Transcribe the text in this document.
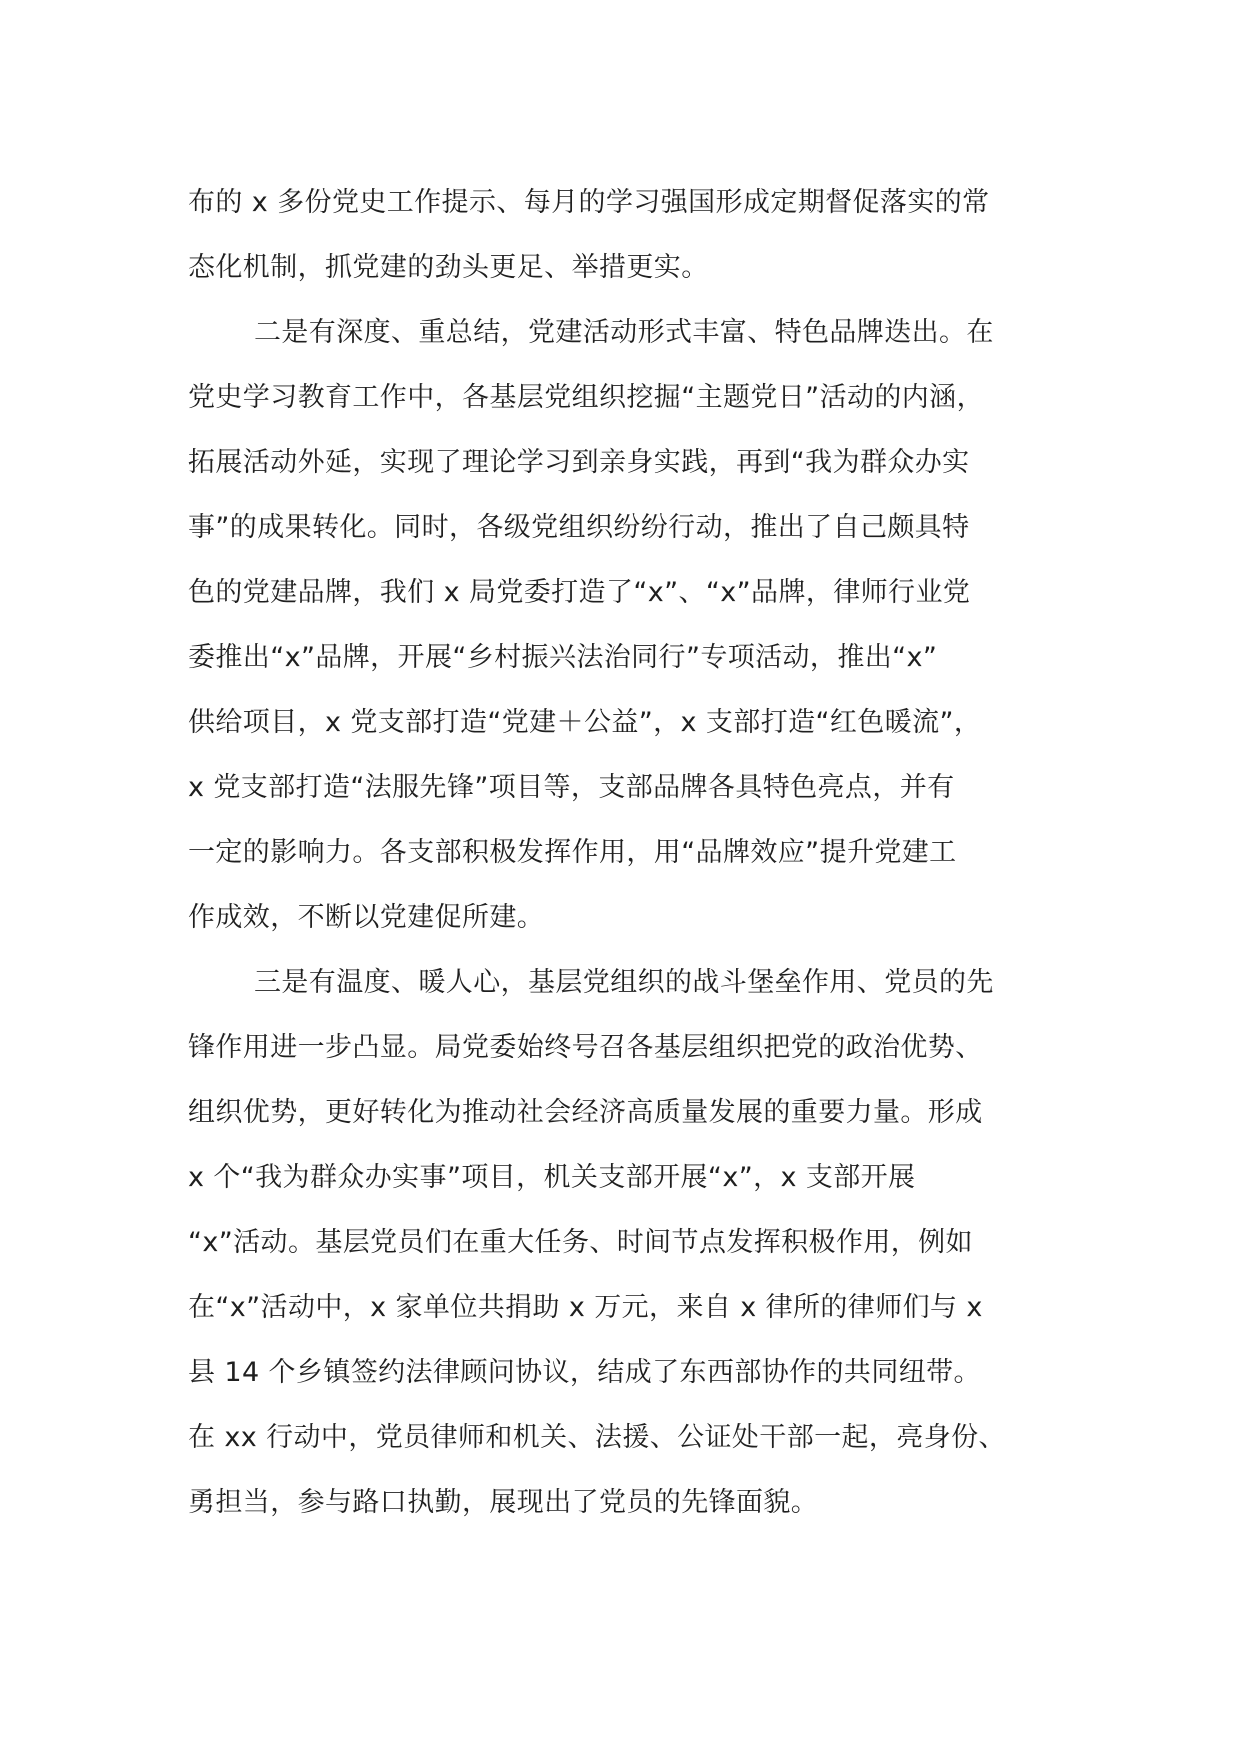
布的 x 多份党史工作提示、每月的学习强国形成定期督促落实的常
态化机制，抓党建的劲头更足、举措更实。
二是有深度、重总结，党建活动形式丰富、特色品牌迭出。在
党史学习教育工作中，各基层党组织挖掘“主题党日”活动的内涵，
拓展活动外延，实现了理论学习到亲身实践，再到“我为群众办实
事”的成果转化。同时，各级党组织纷纷行动，推出了自己颇具特
色的党建品牌，我们 x 局党委打造了“x”、“x”品牌，律师行业党
委推出“x”品牌，开展“乡村振兴法治同行”专项活动，推出“x”
供给项目，x 党支部打造“党建＋公益”，x 支部打造“红色暖流”，
x 党支部打造“法服先锋”项目等，支部品牌各具特色亮点，并有
一定的影响力。各支部积极发挥作用，用“品牌效应”提升党建工
作成效，不断以党建促所建。
三是有温度、暖人心，基层党组织的战斗堡垒作用、党员的先
锋作用进一步凸显。局党委始终号召各基层组织把党的政治优势、
组织优势，更好转化为推动社会经济高质量发展的重要力量。形成
x 个“我为群众办实事”项目，机关支部开展“x”，x 支部开展
“x”活动。基层党员们在重大任务、时间节点发挥积极作用，例如
在“x”活动中，x 家单位共捐助 x 万元，来自 x 律所的律师们与 x
县 14 个乡镇签约法律顾问协议，结成了东西部协作的共同纽带。
在 xx 行动中，党员律师和机关、法援、公证处干部一起，亮身份、
勇担当，参与路口执勤，展现出了党员的先锋面貌。
